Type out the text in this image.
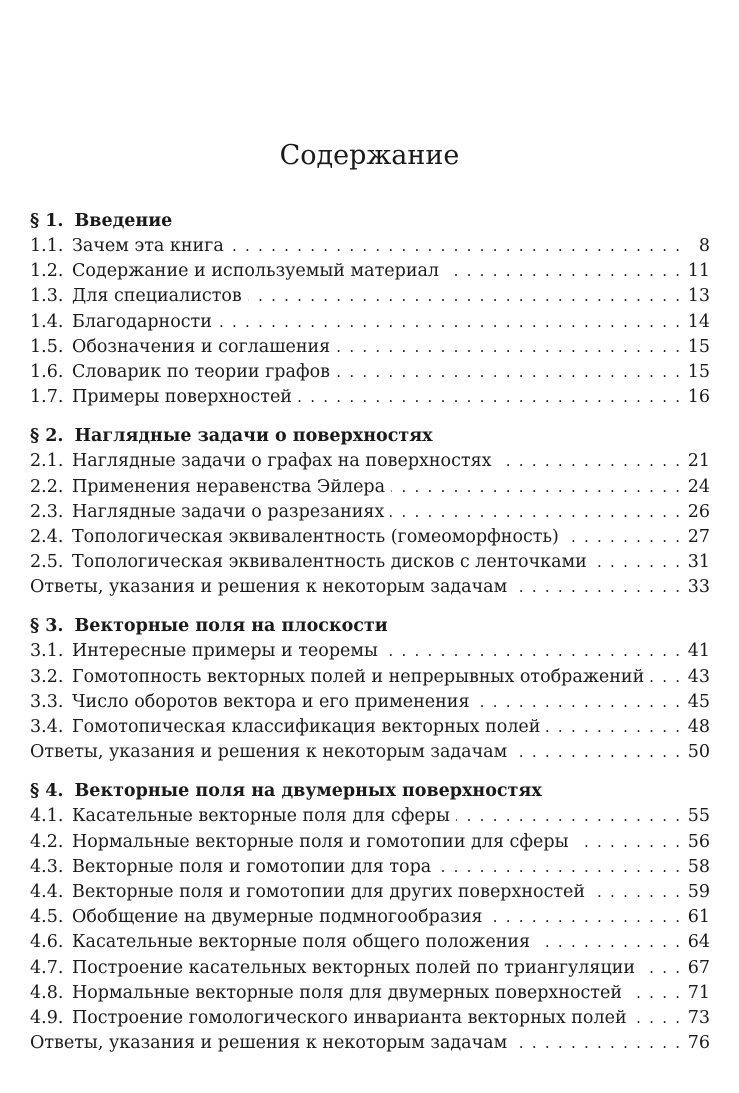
Содержание
§ 1. Введение
1.1. Зачем эта книга . . .	8
1.2. Содержание и используемый материал . . .	11
1.3. Для специалистов . . .	13
1.4. Благодарности . . .	14
1.5. Обозначения и соглашения . . .	15
1.6. Словарик по теории графов . . .	15
1.7. Примеры поверхностей . . .	16
§ 2. Наглядные задачи о поверхностях
2.1. Наглядные задачи о графах на поверхностях . . .	21
2.2. Применения неравенства Эйлера . . .	24
2.3. Наглядные задачи о разрезаниях . . .	26
2.4. Топологическая эквивалентность (гомеоморфность) . . .	27
2.5. Топологическая эквивалентность дисков с ленточками . . .	31
Ответы, указания и решения к некоторым задачам . . .	33
§ 3. Векторные поля на плоскости
3.1. Интересные примеры и теоремы . . .	41
3.2. Гомотопность векторных полей и непрерывных отображений . . .	43
3.3. Число оборотов вектора и его применения . . .	45
3.4. Гомотопическая классификация векторных полей . . .	48
Ответы, указания и решения к некоторым задачам . . .	50
§ 4. Векторные поля на двумерных поверхностях
4.1. Касательные векторные поля для сферы . . .	55
4.2. Нормальные векторные поля и гомотопии для сферы . . .	56
4.3. Векторные поля и гомотопии для тора . . .	58
4.4. Векторные поля и гомотопии для других поверхностей . . .	59
4.5. Обобщение на двумерные подмногообразия . . .	61
4.6. Касательные векторные поля общего положения . . .	64
4.7. Построение касательных векторных полей по триангуляции . . .	67
4.8. Нормальные векторные поля для двумерных поверхностей . . .	71
4.9. Построение гомологического инварианта векторных полей . . .	73
Ответы, указания и решения к некоторым задачам . . .	76
